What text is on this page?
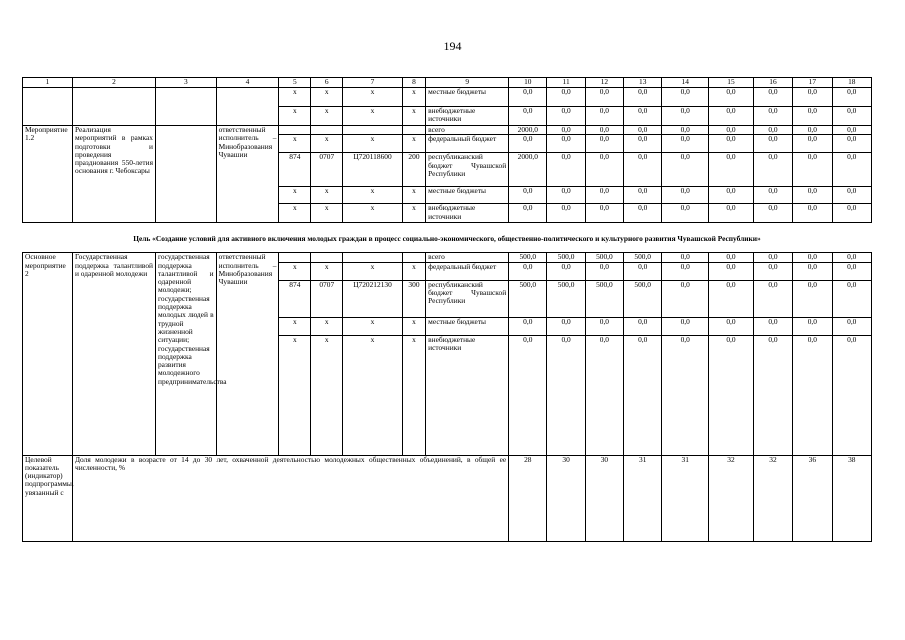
194
1	2	3	4	5	6	7	8	9	10	11	12	13	14	15	16	17	18
				x	x	x	x	местные бюджеты	0,0	0,0	0,0	0,0	0,0	0,0	0,0	0,0	0,0
				x	x	x	x	внебюджетные источники	0,0	0,0	0,0	0,0	0,0	0,0	0,0	0,0	0,0
Мероприятие 1.2	Реализация мероприятий в рамках подготовки и проведения празднования 550-летия основания г. Чебоксары		ответственный исполнитель – Минобразования Чувашии					всего	2000,0	0,0	0,0	0,0	0,0	0,0	0,0	0,0	0,0
				x	x	x	x	федеральный бюджет	0,0	0,0	0,0	0,0	0,0	0,0	0,0	0,0	0,0
				874	0707	Ц720118600	200	республиканский бюджет Чувашской Республики	2000,0	0,0	0,0	0,0	0,0	0,0	0,0	0,0	0,0
				x	x	x	x	местные бюджеты	0,0	0,0	0,0	0,0	0,0	0,0	0,0	0,0	0,0
				x	x	x	x	внебюджетные источники	0,0	0,0	0,0	0,0	0,0	0,0	0,0	0,0	0,0
Цель «Создание условий для активного включения молодых граждан в процесс социально-экономического, общественно-политического и культурного развития Чувашской Республики»																	
Основное мероприятие 2	Государственная поддержка талантливой и одаренной молодежи	государственная поддержка талантливой и одаренной молодежи; государственная поддержка молодых людей в трудной жизненной ситуации; государственная поддержка развития молодежного предпринимательства	ответственный исполнитель – Минобразования Чувашии					всего	500,0	500,0	500,0	500,0	0,0	0,0	0,0	0,0	0,0
				x	x	x	x	федеральный бюджет	0,0	0,0	0,0	0,0	0,0	0,0	0,0	0,0	0,0
				874	0707	Ц720212130	300	республиканский бюджет Чувашской Республики	500,0	500,0	500,0	500,0	0,0	0,0	0,0	0,0	0,0
				x	x	x	x	местные бюджеты	0,0	0,0	0,0	0,0	0,0	0,0	0,0	0,0	0,0
				x	x	x	x	внебюджетные источники	0,0	0,0	0,0	0,0	0,0	0,0	0,0	0,0	0,0
Целевой показатель (индикатор) подпрограммы, увязанный с	Доля молодежи в возрасте от 14 до 30 лет, охваченной деятельностью молодежных общественных объединений, в общей ее численности, %								28	30	30	31	31	32	32	36	38
